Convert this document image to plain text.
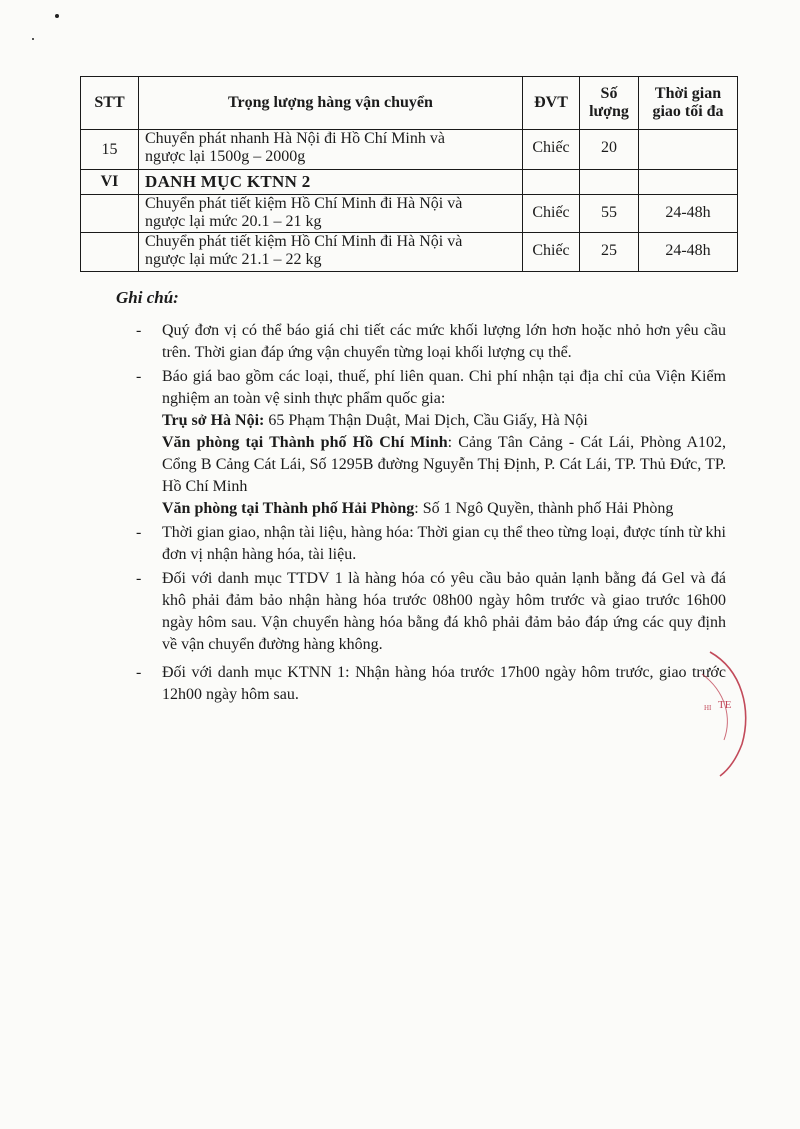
STT	Trọng lượng hàng vận chuyển	ĐVT	Số
lượng	Thời gian
giao tối đa
15	Chuyển phát nhanh Hà Nội đi Hồ Chí Minh và
ngược lại 1500g – 2000g	Chiếc	20	
VI	DANH MỤC KTNN 2			
	Chuyển phát tiết kiệm Hồ Chí Minh đi Hà Nội và
ngược lại mức 20.1 – 21 kg	Chiếc	55	24-48h
	Chuyển phát tiết kiệm Hồ Chí Minh đi Hà Nội và
ngược lại mức 21.1 – 22 kg	Chiếc	25	24-48h
Ghi chú:
- Quý đơn vị có thể báo giá chi tiết các mức khối lượng lớn hơn hoặc nhỏ hơn yêu cầu trên. Thời gian đáp ứng vận chuyển từng loại khối lượng cụ thể.
- Báo giá bao gồm các loại, thuế, phí liên quan. Chi phí nhận tại địa chỉ của Viện Kiểm nghiệm an toàn vệ sinh thực phẩm quốc gia:

Trụ sở Hà Nội: 65 Phạm Thận Duật, Mai Dịch, Cầu Giấy, Hà Nội

Văn phòng tại Thành phố Hồ Chí Minh: Cảng Tân Cảng - Cát Lái, Phòng A102, Cổng B Cảng Cát Lái, Số 1295B đường Nguyễn Thị Định, P. Cát Lái, TP. Thủ Đức, TP. Hồ Chí Minh

Văn phòng tại Thành phố Hải Phòng: Số 1 Ngô Quyền, thành phố Hải Phòng

- Thời gian giao, nhận tài liệu, hàng hóa: Thời gian cụ thể theo từng loại, được tính từ khi đơn vị nhận hàng hóa, tài liệu.
- Đối với danh mục TTDV 1 là hàng hóa có yêu cầu bảo quản lạnh bằng đá Gel và đá khô phải đảm bảo nhận hàng hóa trước 08h00 ngày hôm trước và giao trước 16h00 ngày hôm sau. Vận chuyển hàng hóa bằng đá khô phải đảm bảo đáp ứng các quy định về vận chuyển đường hàng không.
- Đối với danh mục KTNN 1: Nhận hàng hóa trước 17h00 ngày hôm trước, giao trước 12h00 ngày hôm sau.
TE
HI
